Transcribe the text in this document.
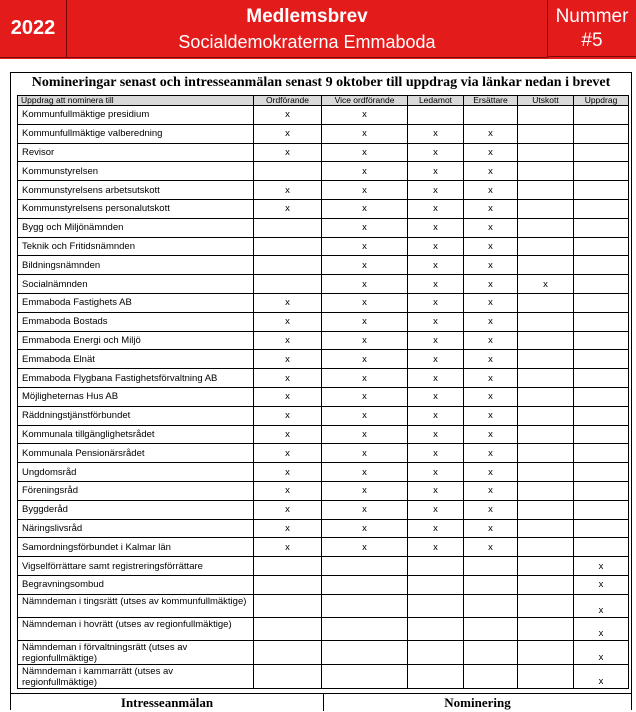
2022
Medlemsbrev
Socialdemokraterna Emmaboda
Nummer
#5
Nomineringar senast och intresseanmälan senast 9 oktober till uppdrag via länkar nedan i brevet
Uppdrag att nominera till	Ordförande	Vice ordförande	Ledamot	Ersättare	Utskott	Uppdrag
Kommunfullmäktige presidium	x	x				
Kommunfullmäktige valberedning	x	x	x	x		
Revisor	x	x	x	x		
Kommunstyrelsen		x	x	x		
Kommunstyrelsens arbetsutskott	x	x	x	x		
Kommunstyrelsens personalutskott	x	x	x	x		
Bygg och Miljönämnden		x	x	x		
Teknik och Fritidsnämnden		x	x	x		
Bildningsnämnden		x	x	x		
Socialnämnden		x	x	x	x	
Emmaboda Fastighets AB	x	x	x	x		
Emmaboda Bostads	x	x	x	x		
Emmaboda Energi och Miljö	x	x	x	x		
Emmaboda Elnät	x	x	x	x		
Emmaboda Flygbana Fastighetsförvaltning AB	x	x	x	x		
Möjligheternas Hus AB	x	x	x	x		
Räddningstjänstförbundet	x	x	x	x		
Kommunala tillgänglighetsrådet	x	x	x	x		
Kommunala Pensionärsrådet	x	x	x	x		
Ungdomsråd	x	x	x	x		
Föreningsråd	x	x	x	x		
Byggderåd	x	x	x	x		
Näringslivsråd	x	x	x	x		
Samordningsförbundet i Kalmar län	x	x	x	x		
Vigselförrättare samt registreringsförrättare						x
Begravningsombud						x
Nämndeman i tingsrätt (utses av kommunfullmäktige)						x
Nämndeman i hovrätt (utses av regionfullmäktige)						x
Nämndeman i förvaltningsrätt (utses av regionfullmäktige)						x
Nämndeman i kammarrätt (utses av regionfullmäktige)						x
Intresseanmälan	Nominering
